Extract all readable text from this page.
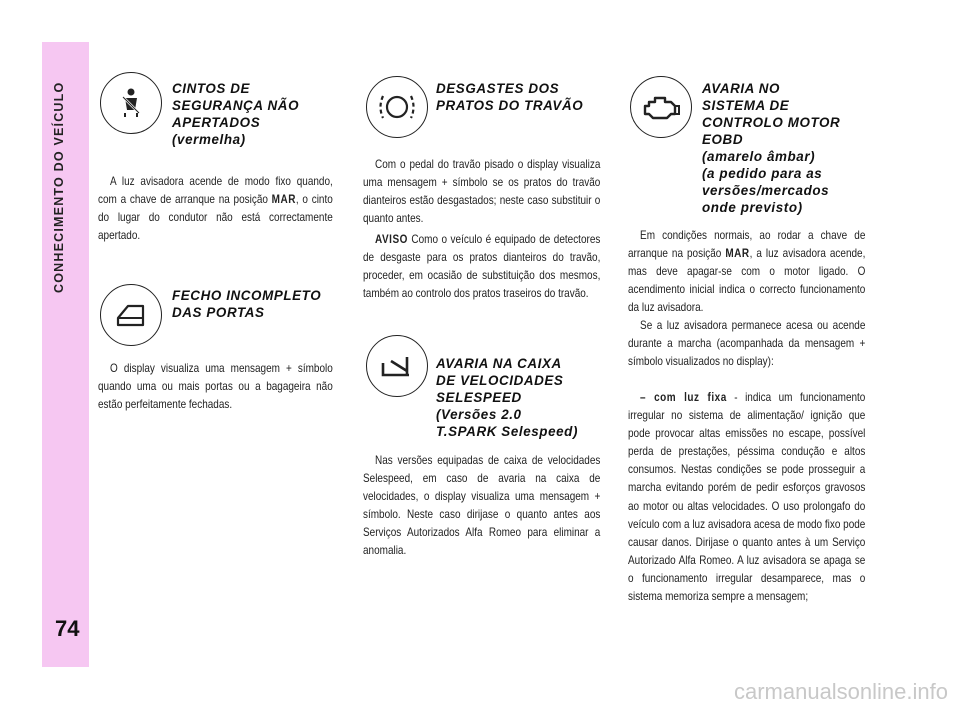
CONHECIMENTO DO VEÍCULO
74
CINTOS DE
SEGURANÇA NÃO
APERTADOS
(vermelha)
A luz avisadora acende de modo fixo quando, com a chave de arranque na posição MAR, o cinto do lugar do condutor não está correctamente apertado.
FECHO INCOMPLETO
DAS PORTAS
O display visualiza uma mensagem + símbolo quando uma ou mais portas ou a bagageira não estão perfeitamente fechadas.
DESGASTES DOS
PRATOS DO TRAVÃO
Com o pedal do travão pisado o display visualiza uma mensagem + símbolo se os pratos do travão dianteiros estão desgastados; neste caso substituir o quanto antes.
AVISO Como o veículo é equipado de detectores de desgaste para os pratos dianteiros do travão, proceder, em ocasião de substituição dos mesmos, também ao controlo dos pratos traseiros do travão.
AVARIA NA CAIXA
DE VELOCIDADES
SELESPEED
(Versões 2.0
T.SPARK Selespeed)
Nas versões equipadas de caixa de velocidades Selespeed, em caso de avaria na caixa de velocidades, o display visualiza uma mensagem + símbolo. Neste caso dirijase o quanto antes aos Serviços Autorizados Alfa Romeo para eliminar a anomalia.
AVARIA NO
SISTEMA DE
CONTROLO MOTOR
EOBD
(amarelo âmbar)
(a pedido para as
versões/mercados
onde previsto)
Em condições normais, ao rodar a chave de arranque na posição MAR, a luz avisadora acende, mas deve apagar-se com o motor ligado. O acendimento inicial indica o correcto funcionamento da luz avisadora.
Se a luz avisadora permanece acesa ou acende durante a marcha (acompanhada da mensagem + símbolo visualizados no display):
– com luz fixa - indica um funcionamento irregular no sistema de alimentação/ ignição que pode provocar altas emissões no escape, possível perda de prestações, péssima condução e altos consumos. Nestas condições se pode prosseguir a marcha evitando porém de pedir esforços gravosos ao motor ou altas velocidades. O uso prolongafo do veículo com a luz avisadora acesa de modo fixo pode causar danos. Dirijase o quanto antes à um Serviço Autorizado Alfa Romeo. A luz avisadora se apaga se o funcionamento irregular desamparece, mas o sistema memoriza sempre a mensagem;
carmanualsonline.info
